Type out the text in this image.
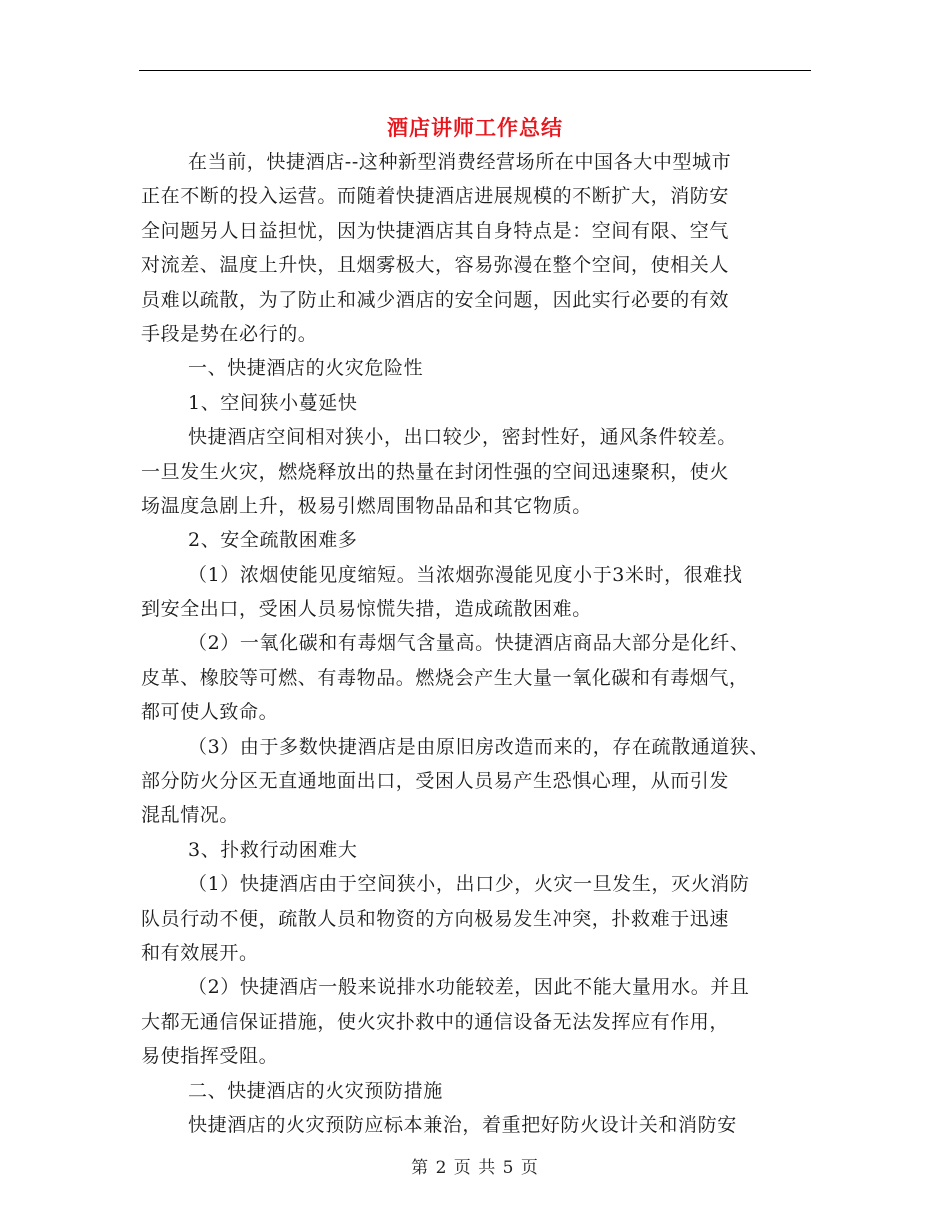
酒店讲师工作总结
在当前，快捷酒店--这种新型消费经营场所在中国各大中型城市
正在不断的投入运营。而随着快捷酒店进展规模的不断扩大，消防安
全问题另人日益担忧，因为快捷酒店其自身特点是：空间有限、空气
对流差、温度上升快，且烟雾极大，容易弥漫在整个空间，使相关人
员难以疏散，为了防止和减少酒店的安全问题，因此实行必要的有效
手段是势在必行的。
一、快捷酒店的火灾危险性
1、空间狭小蔓延快
快捷酒店空间相对狭小，出口较少，密封性好，通风条件较差。
一旦发生火灾，燃烧释放出的热量在封闭性强的空间迅速聚积，使火
场温度急剧上升，极易引燃周围物品品和其它物质。
2、安全疏散困难多
（1）浓烟使能见度缩短。当浓烟弥漫能见度小于3米时，很难找
到安全出口，受困人员易惊慌失措，造成疏散困难。
（2）一氧化碳和有毒烟气含量高。快捷酒店商品大部分是化纤、
皮革、橡胶等可燃、有毒物品。燃烧会产生大量一氧化碳和有毒烟气，
都可使人致命。
（3）由于多数快捷酒店是由原旧房改造而来的，存在疏散通道狭、
部分防火分区无直通地面出口，受困人员易产生恐惧心理，从而引发
混乱情况。
3、扑救行动困难大
（1）快捷酒店由于空间狭小，出口少，火灾一旦发生，灭火消防
队员行动不便，疏散人员和物资的方向极易发生冲突，扑救难于迅速
和有效展开。
（2）快捷酒店一般来说排水功能较差，因此不能大量用水。并且
大都无通信保证措施，使火灾扑救中的通信设备无法发挥应有作用，
易使指挥受阻。
二、快捷酒店的火灾预防措施
快捷酒店的火灾预防应标本兼治，着重把好防火设计关和消防安
第 2 页 共 5 页
